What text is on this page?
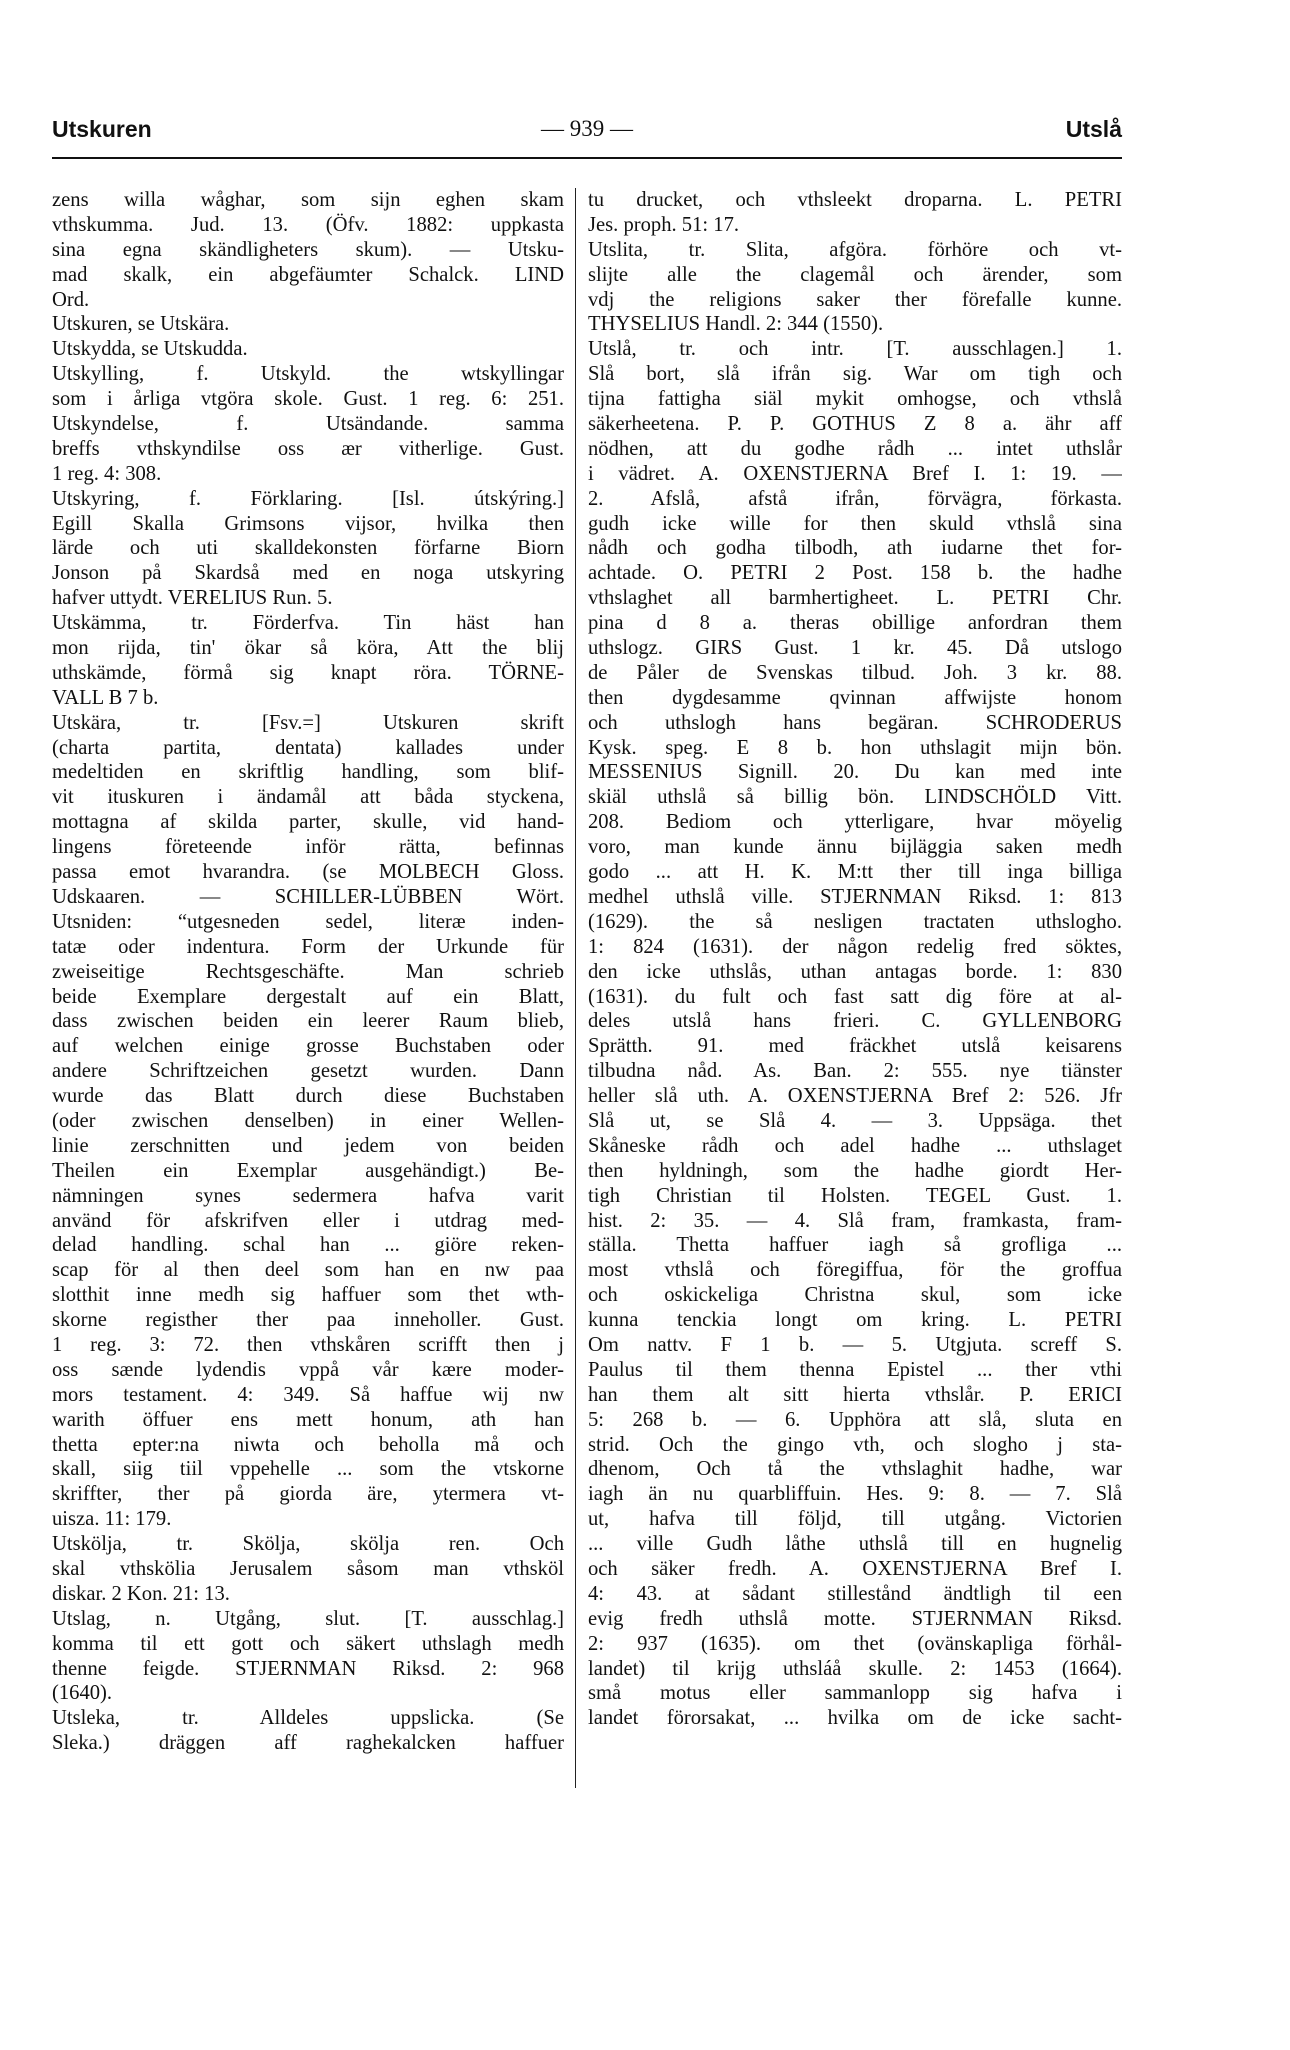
Utskuren	— 939 —	Utslå
zens willa wåghar, som sijn eghen skam
vthskumma. Jud. 13. (Öfv. 1882: uppkasta
sina egna skändligheters skum). — Utsku-
mad skalk, ein abgefäumter Schalck. LIND
Ord.
Utskuren, se Utskära.
Utskydda, se Utskudda.
Utskylling, f. Utskyld. the wtskyllingar
som i årliga vtgöra skole. Gust. 1 reg. 6: 251.
Utskyndelse, f. Utsändande. samma
breffs vthskyndilse oss ær vitherlige. Gust.
1 reg. 4: 308.
Utskyring, f. Förklaring. [Isl. útskýring.]
Egill Skalla Grimsons vijsor, hvilka then
lärde och uti skalldekonsten förfarne Biorn
Jonson på Skardså med en noga utskyring
hafver uttydt. VERELIUS Run. 5.
Utskämma, tr. Förderfva. Tin häst han
mon rijda, tin' ökar så köra, Att the blij
uthskämde, förmå sig knapt röra. TÖRNE-
VALL B 7 b.
Utskära, tr. [Fsv.=] Utskuren skrift
(charta partita, dentata) kallades under
medeltiden en skriftlig handling, som blif-
vit ituskuren i ändamål att båda styckena,
mottagna af skilda parter, skulle, vid hand-
lingens företeende inför rätta, befinnas
passa emot hvarandra. (se MOLBECH Gloss.
Udskaaren. — SCHILLER-LÜBBEN Wört.
Utsniden: “utgesneden sedel, literæ inden-
tatæ oder indentura. Form der Urkunde für
zweiseitige Rechtsgeschäfte. Man schrieb
beide Exemplare dergestalt auf ein Blatt,
dass zwischen beiden ein leerer Raum blieb,
auf welchen einige grosse Buchstaben oder
andere Schriftzeichen gesetzt wurden. Dann
wurde das Blatt durch diese Buchstaben
(oder zwischen denselben) in einer Wellen-
linie zerschnitten und jedem von beiden
Theilen ein Exemplar ausgehändigt.) Be-
nämningen synes sedermera hafva varit
använd för afskrifven eller i utdrag med-
delad handling. schal han ... giöre reken-
scap för al then deel som han en nw paa
slotthit inne medh sig haffuer som thet wth-
skorne registher ther paa inneholler. Gust.
1 reg. 3: 72. then vthskåren scrifft then j
oss sænde lydendis vppå vår kære moder-
mors testament. 4: 349. Så haffue wij nw
warith öffuer ens mett honum, ath han
thetta epter:na niwta och beholla må och
skall, siig tiil vppehelle ... som the vtskorne
skriffter, ther på giorda äre, ytermera vt-
uisza. 11: 179.
Utskölja, tr. Skölja, skölja ren. Och
skal vthsköliа Jerusalem såsom man vthsköl
diskar. 2 Kon. 21: 13.
Utslag, n. Utgång, slut. [T. ausschlag.]
komma til ett gott och säkert uthslagh medh
thenne feigde. STJERNMAN Riksd. 2: 968
(1640).
Utsleka, tr. Alldeles uppslicka. (Se
Sleka.) dräggen aff raghekalcken haffuer
tu drucket, och vthsleekt droparna. L. PETRI
Jes. proph. 51: 17.
Utslita, tr. Slita, afgöra. förhöre och vt-
slijte alle the clagemål och ärender, som
vdj the religions saker ther förefalle kunne.
THYSELIUS Handl. 2: 344 (1550).
Utslå, tr. och intr. [T. ausschlagen.] 1.
Slå bort, slå ifrån sig. War om tigh och
tijna fattigha siäl mykit omhogse, och vthslå
säkerheetena. P. P. GOTHUS Z 8 a. ähr aff
nödhen, att du godhe rådh ... intet uthslår
i vädret. A. OXENSTJERNA Bref I. 1: 19. —
2. Afslå, afstå ifrån, förvägra, förkasta.
gudh icke wille for then skuld vthslå sina
nådh och godha tilbodh, ath iudarne thet for-
achtade. O. PETRI 2 Post. 158 b. the hadhe
vthslaghet all barmhertigheet. L. PETRI Chr.
pina d 8 a. theras obillige anfordran them
uthslogz. GIRS Gust. 1 kr. 45. Då utslogo
de Påler de Svenskas tilbud. Joh. 3 kr. 88.
then dygdesamme qvinnan affwijste honom
och uthslogh hans begäran. SCHRODERUS
Kysk. speg. E 8 b. hon uthslagit mijn bön.
MESSENIUS Signill. 20. Du kan med inte
skiäl uthslå så billig bön. LINDSCHÖLD Vitt.
208. Bediom och ytterligare, hvar möyelig
voro, man kunde ännu bijläggia saken medh
godo ... att H. K. M:tt ther till inga billiga
medhel uthslå ville. STJERNMAN Riksd. 1: 813
(1629). the så nesligen tractaten uthslogho.
1: 824 (1631). der någon redelig fred söktes,
den icke uthslås, uthan antagas borde. 1: 830
(1631). du fult och fast satt dig före at al-
deles utslå hans frieri. C. GYLLENBORG
Sprätth. 91. med fräckhet utslå keisarens
tilbudna nåd. As. Ban. 2: 555. nye tiänster
heller slå uth. A. OXENSTJERNA Bref 2: 526. Jfr
Slå ut, se Slå 4. — 3. Uppsäga. thet
Skåneske rådh och adel hadhe ... uthslaget
then hyldningh, som the hadhe giordt Her-
tigh Christian til Holsten. TEGEL Gust. 1.
hist. 2: 35. — 4. Slå fram, framkasta, fram-
ställa. Thetta haffuer iagh så grofliga ...
most vthslå och föregiffua, för the groffua
och oskickeliga Christna skul, som icke
kunna tenckia longt om kring. L. PETRI
Om nattv. F 1 b. — 5. Utgjuta. screff S.
Paulus til them thenna Epistel ... ther vthi
han them alt sitt hierta vthslår. P. ERICI
5: 268 b. — 6. Upphöra att slå, sluta en
strid. Och the gingo vth, och slogho j sta-
dhenom, Och tå the vthslaghit hadhe, war
iagh än nu quarbliffuin. Hes. 9: 8. — 7. Slå
ut, hafva till följd, till utgång. Victorien
... ville Gudh låthe uthslå till en hugnelig
och säker fredh. A. OXENSTJERNA Bref I.
4: 43. at sådant stillestånd ändtligh til een
evig fredh uthslå motte. STJERNMAN Riksd.
2: 937 (1635). om thet (ovänskapliga förhål-
landet) til krijg uthsláå skulle. 2: 1453 (1664).
små motus eller sammanlopp sig hafva i
landet förorsakat, ... hvilka om de icke sacht-
